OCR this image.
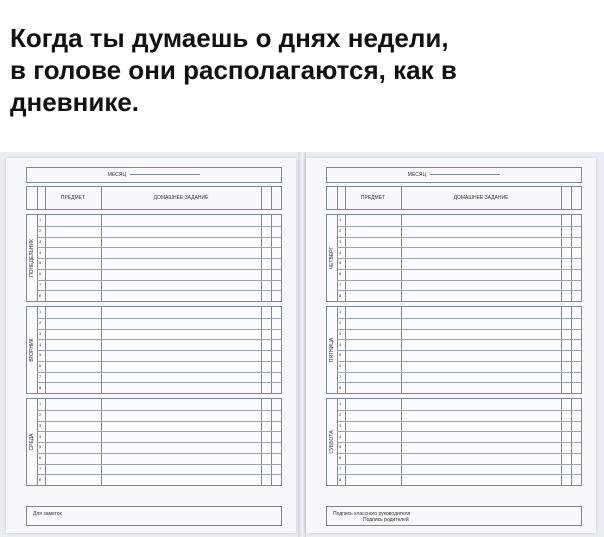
Когда ты думаешь о днях недели,
в голове они располагаются, как в
дневнике.
МЕСЯЦ
ПРЕДМЕТ	ДОМАШНЕЕ ЗАДАНИЕ
ПОНЕДЕЛЬНИК
1
2
3
4
5
6
7
8
ВТОРНИК
1
2
3
4
5
6
7
8
СРЕДА
1
2
3
4
5
6
7
8
Для заметок
МЕСЯЦ
ПРЕДМЕТ	ДОМАШНЕЕ ЗАДАНИЕ
ЧЕТВЕРГ
1
2
3
4
5
6
7
8
ПЯТНИЦА
1
2
3
4
5
6
7
8
СУББОТА
1
2
3
4
5
6
7
8
Подпись классного руководителя
Подпись родителей
